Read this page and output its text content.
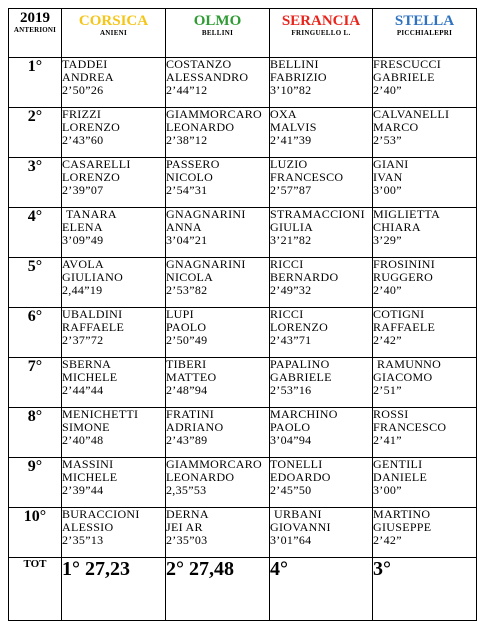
2019
ANTERIONI	CORSICA
ANIENI	OLMO
BELLINI	SERANCIA
FRINGUELLO L.	STELLA
PICCHIALEPRI

1°	TADDEI
ANDREA
2’50”26	COSTANZO
ALESSANDRO
2’44”12	BELLINI
FABRIZIO
3’10”82	FRESCUCCI
GABRIELE
2’40”

2°	FRIZZI
LORENZO
2’43”60	GIAMMORCARO
LEONARDO
2’38”12	OXA
MALVIS
2’41”39	CALVANELLI
MARCO
2’53”

3°	CASARELLI
LORENZO
2’39”07	PASSERO
NICOLO
2’54”31	LUZIO
FRANCESCO
2’57”87	GIANI
IVAN
3’00”

4°	TANARA
ELENA
3’09”49	GNAGNARINI
ANNA
3’04”21	STRAMACCIONI
GIULIA
3’21”82	MIGLIETTA
CHIARA
3’29”

5°	AVOLA
GIULIANO
2,44”19	GNAGNARINI
NICOLA
2’53”82	RICCI
BERNARDO
2’49”32	FROSININI
RUGGERO
2’40”

6°	UBALDINI
RAFFAELE
2’37”72	LUPI
PAOLO
2’50”49	RICCI
LORENZO
2’43”71	COTIGNI
RAFFAELE
2’42”

7°	SBERNA
MICHELE
2’44”44	TIBERI
MATTEO
2’48”94	PAPALINO
GABRIELE
2’53”16	RAMUNNO
GIACOMO
2’51”

8°	MENICHETTI
SIMONE
2’40”48	FRATINI
ADRIANO
2’43”89	MARCHINO
PAOLO
3’04”94	ROSSI
FRANCESCO
2’41”

9°	MASSINI
MICHELE
2’39”44	GIAMMORCARO
LEONARDO
2,35”53	TONELLI
EDOARDO
2’45”50	GENTILI
DANIELE
3’00”

10°	BURACCIONI
ALESSIO
2’35”13	DERNA
JEI AR
2’35”03	URBANI
GIOVANNI
3’01”64	MARTINO
GIUSEPPE
2’42”

TOT	1° 27,23	2° 27,48	4°	3°
